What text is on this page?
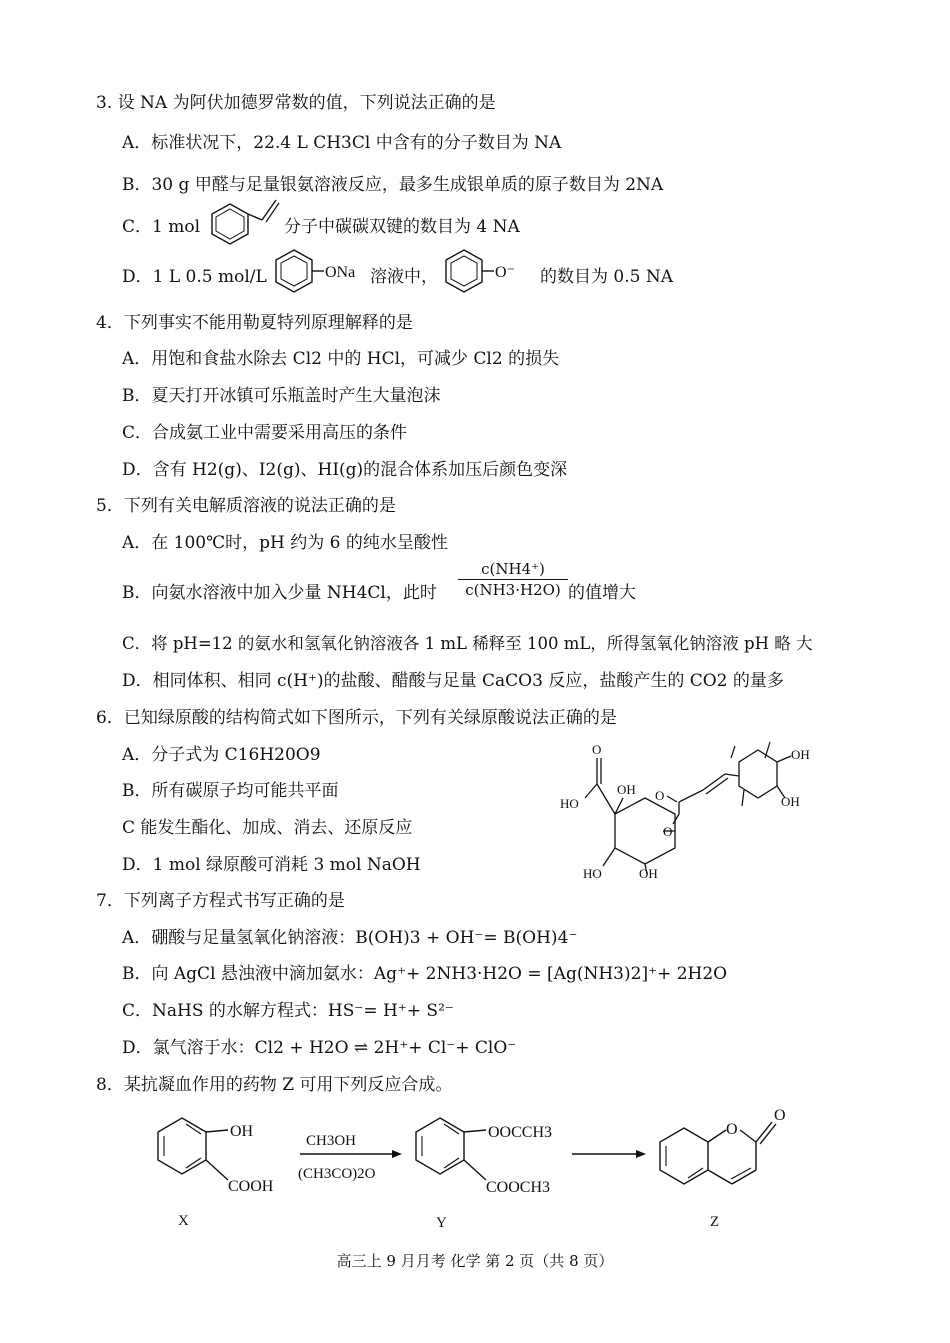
3. 设 NA 为阿伏加德罗常数的值，下列说法正确的是
A．标准状况下，22.4 L CH3Cl 中含有的分子数目为 NA
B．30 g 甲醛与足量银氨溶液反应，最多生成银单质的原子数目为 2NA
C．1 mol	分子中碳碳双键的数目为 4 NA
D．1 L 0.5 mol/L	ONa 溶液中，	O⁻ 的数目为 0.5 NA
4．下列事实不能用勒夏特列原理解释的是
A．用饱和食盐水除去 Cl2 中的 HCl，可减少 Cl2 的损失
B．夏天打开冰镇可乐瓶盖时产生大量泡沫
C．合成氨工业中需要采用高压的条件
D．含有 H2(g)、I2(g)、HI(g)的混合体系加压后颜色变深
5．下列有关电解质溶液的说法正确的是
A．在 100℃时，pH 约为 6 的纯水呈酸性
B．向氨水溶液中加入少量 NH4Cl，此时 $\frac{c(NH4^+)}{c(NH3\cdot H2O)}$ 的值增大
C．将 pH=12 的氨水和氢氧化钠溶液各 1 mL 稀释至 100 mL，所得氢氧化钠溶液 pH 略 大
D．相同体积、相同 c(H⁺)的盐酸、醋酸与足量 CaCO3 反应，盐酸产生的 CO2 的量多
6．已知绿原酸的结构简式如下图所示，下列有关绿原酸说法正确的是
A．分子式为 C16H20O9
B．所有碳原子均可能共平面
C 能发生酯化、加成、消去、还原反应
D．1 mol 绿原酸可消耗 3 mol NaOH
O
HO
OH
HO	OH
O
O
OH
OH
7．下列离子方程式书写正确的是
A．硼酸与足量氢氧化钠溶液：B(OH)3 + OH⁻= B(OH)4⁻
B．向 AgCl 悬浊液中滴加氨水：Ag⁺+ 2NH3·H2O = [Ag(NH3)2]⁺+ 2H2O
C．NaHS 的水解方程式：HS⁻= H⁺+ S²⁻
D．氯气溶于水：Cl2 + H2O ⇌ 2H⁺+ Cl⁻+ ClO⁻
8．某抗凝血作用的药物 Z 可用下列反应合成。
OH
COOH
X
CH3OH
(CH3CO)2O
OOCCH3
COOCH3
Y
O
O
Z
高三上 9 月月考 化学 第 2 页（共 8 页）
